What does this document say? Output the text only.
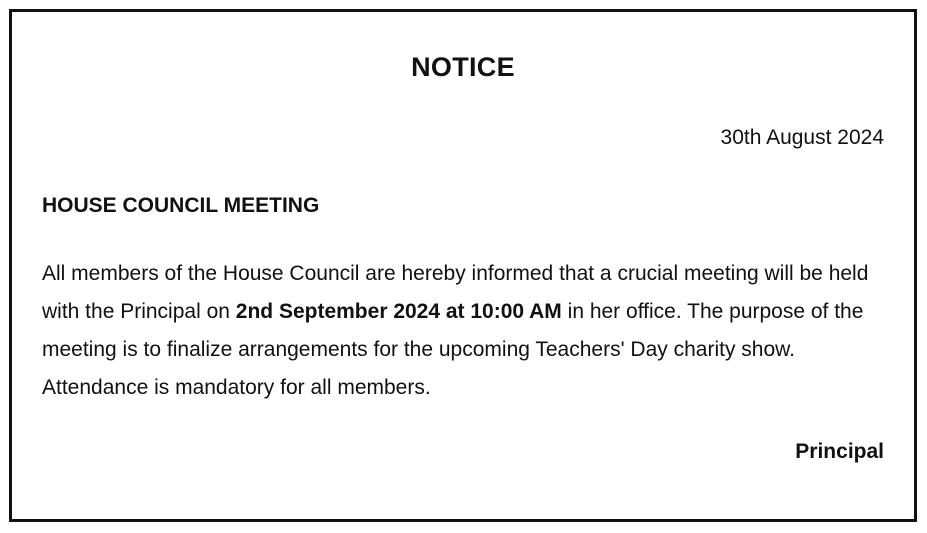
NOTICE

30th August 2024

HOUSE COUNCIL MEETING

All members of the House Council are hereby informed that a crucial meeting will be held with the Principal on 2nd September 2024 at 10:00 AM in her office. The purpose of the meeting is to finalize arrangements for the upcoming Teachers' Day charity show. Attendance is mandatory for all members.

Principal
